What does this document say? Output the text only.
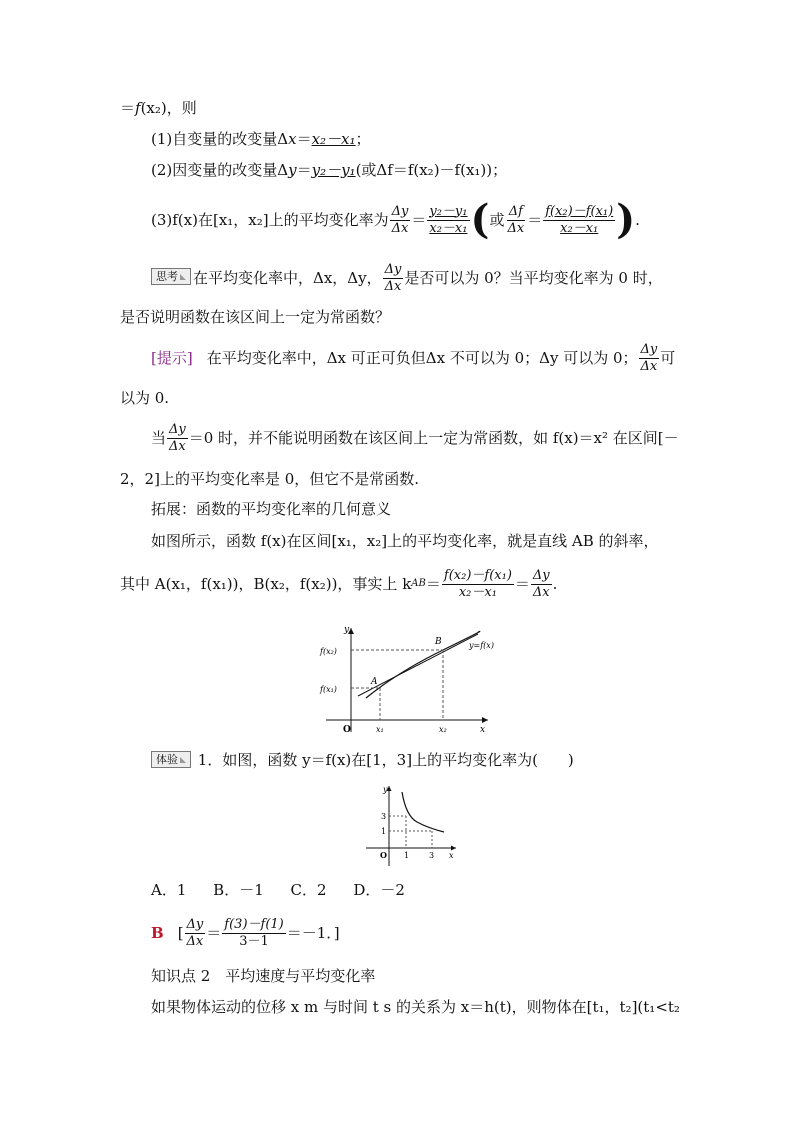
＝f(x₂)，则
(1)自变量的改变量Δx＝x₂－x₁；
(2)因变量的改变量Δy＝y₂－y₁(或Δf＝f(x₂)－f(x₁))；
(3)f(x)在[x₁，x₂]上的平均变化率为 $\frac{\Delta y}{\Delta x} = \frac{\text{y₂－y₁}}{\text{x₂－x₁}}$ ( 或 $\frac{\Delta f}{\Delta x} = \frac{\text{f(x₂)－f(x₁)}}{\text{x₂－x₁}}$ ) .
思考	在平均变化率中，Δx，Δy， $\frac{\Delta y}{\Delta x}$ 是否可以为 0？当平均变化率为 0 时，
是否说明函数在该区间上一定为常函数？
[提示] 在平均变化率中，Δx 可正可负但Δx 不可以为 0；Δy 可以为 0； $\frac{\Delta y}{\Delta x}$ 可
以为 0.
当 $\frac{\Delta y}{\Delta x} =0$ 时，并不能说明函数在该区间上一定为常函数，如 f(x)＝x² 在区间[－
2，2]上的平均变化率是 0，但它不是常函数.
拓展：函数的平均变化率的几何意义
如图所示，函数 f(x)在区间[x₁，x₂]上的平均变化率，就是直线 AB 的斜率，
其中 A(x₁，f(x₁))，B(x₂，f(x₂))，事实上 k AB ＝ $\frac{\text{f(x₂)－f(x₁)}}{\text{x₂－x₁}} = \frac{\Delta y}{\Delta x}$ .
y
x
O
f(x₂)
f(x₁)
A
B
x₁	x₂
y=f(x)
体验 1．如图，函数 y＝f(x)在[1，3]上的平均变化率为(　　)
y
x
O
3
1
1 3
A．1 B．－1 C．2 D．－2
B [ $\frac{\Delta y}{\Delta x} = \frac{f(3)-f(1)}{3-1} =-1$．]
知识点 2　平均速度与平均变化率
如果物体运动的位移 x m 与时间 t s 的关系为 x＝h(t)，则物体在[t₁，t₂](t₁<t₂
